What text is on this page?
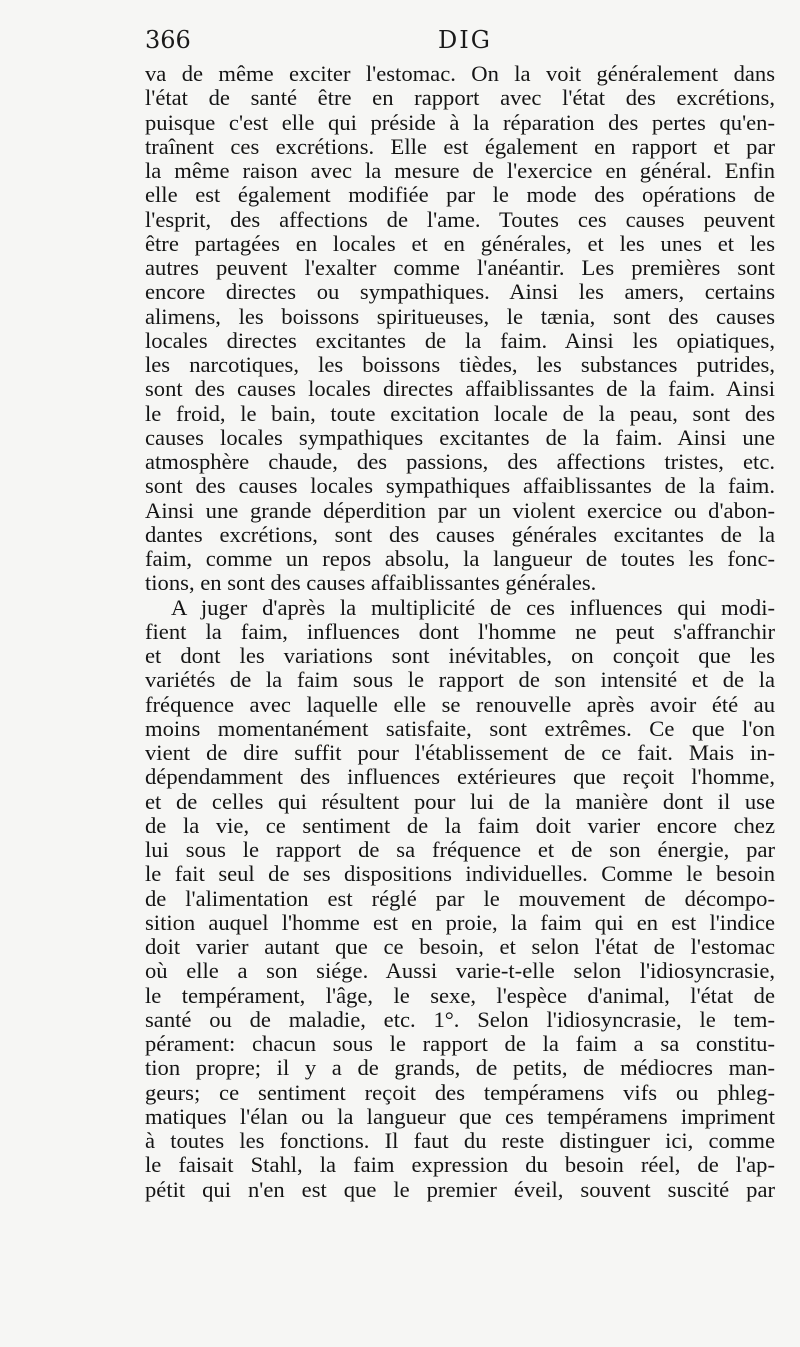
366	DIG
va de même exciter l'estomac. On la voit généralement dans
l'état de santé être en rapport avec l'état des excrétions,
puisque c'est elle qui préside à la réparation des pertes qu'en-
traînent ces excrétions. Elle est également en rapport et par
la même raison avec la mesure de l'exercice en général. Enfin
elle est également modifiée par le mode des opérations de
l'esprit, des affections de l'ame. Toutes ces causes peuvent
être partagées en locales et en générales, et les unes et les
autres peuvent l'exalter comme l'anéantir. Les premières sont
encore directes ou sympathiques. Ainsi les amers, certains
alimens, les boissons spiritueuses, le tænia, sont des causes
locales directes excitantes de la faim. Ainsi les opiatiques,
les narcotiques, les boissons tièdes, les substances putrides,
sont des causes locales directes affaiblissantes de la faim. Ainsi
le froid, le bain, toute excitation locale de la peau, sont des
causes locales sympathiques excitantes de la faim. Ainsi une
atmosphère chaude, des passions, des affections tristes, etc.
sont des causes locales sympathiques affaiblissantes de la faim.
Ainsi une grande déperdition par un violent exercice ou d'abon-
dantes excrétions, sont des causes générales excitantes de la
faim, comme un repos absolu, la langueur de toutes les fonc-
tions, en sont des causes affaiblissantes générales.
A juger d'après la multiplicité de ces influences qui modi-
fient la faim, influences dont l'homme ne peut s'affranchir
et dont les variations sont inévitables, on conçoit que les
variétés de la faim sous le rapport de son intensité et de la
fréquence avec laquelle elle se renouvelle après avoir été au
moins momentanément satisfaite, sont extrêmes. Ce que l'on
vient de dire suffit pour l'établissement de ce fait. Mais in-
dépendamment des influences extérieures que reçoit l'homme,
et de celles qui résultent pour lui de la manière dont il use
de la vie, ce sentiment de la faim doit varier encore chez
lui sous le rapport de sa fréquence et de son énergie, par
le fait seul de ses dispositions individuelles. Comme le besoin
de l'alimentation est réglé par le mouvement de décompo-
sition auquel l'homme est en proie, la faim qui en est l'indice
doit varier autant que ce besoin, et selon l'état de l'estomac
où elle a son siége. Aussi varie-t-elle selon l'idiosyncrasie,
le tempérament, l'âge, le sexe, l'espèce d'animal, l'état de
santé ou de maladie, etc. 1°. Selon l'idiosyncrasie, le tem-
pérament: chacun sous le rapport de la faim a sa constitu-
tion propre; il y a de grands, de petits, de médiocres man-
geurs; ce sentiment reçoit des tempéramens vifs ou phleg-
matiques l'élan ou la langueur que ces tempéramens impriment
à toutes les fonctions. Il faut du reste distinguer ici, comme
le faisait Stahl, la faim expression du besoin réel, de l'ap-
pétit qui n'en est que le premier éveil, souvent suscité par
